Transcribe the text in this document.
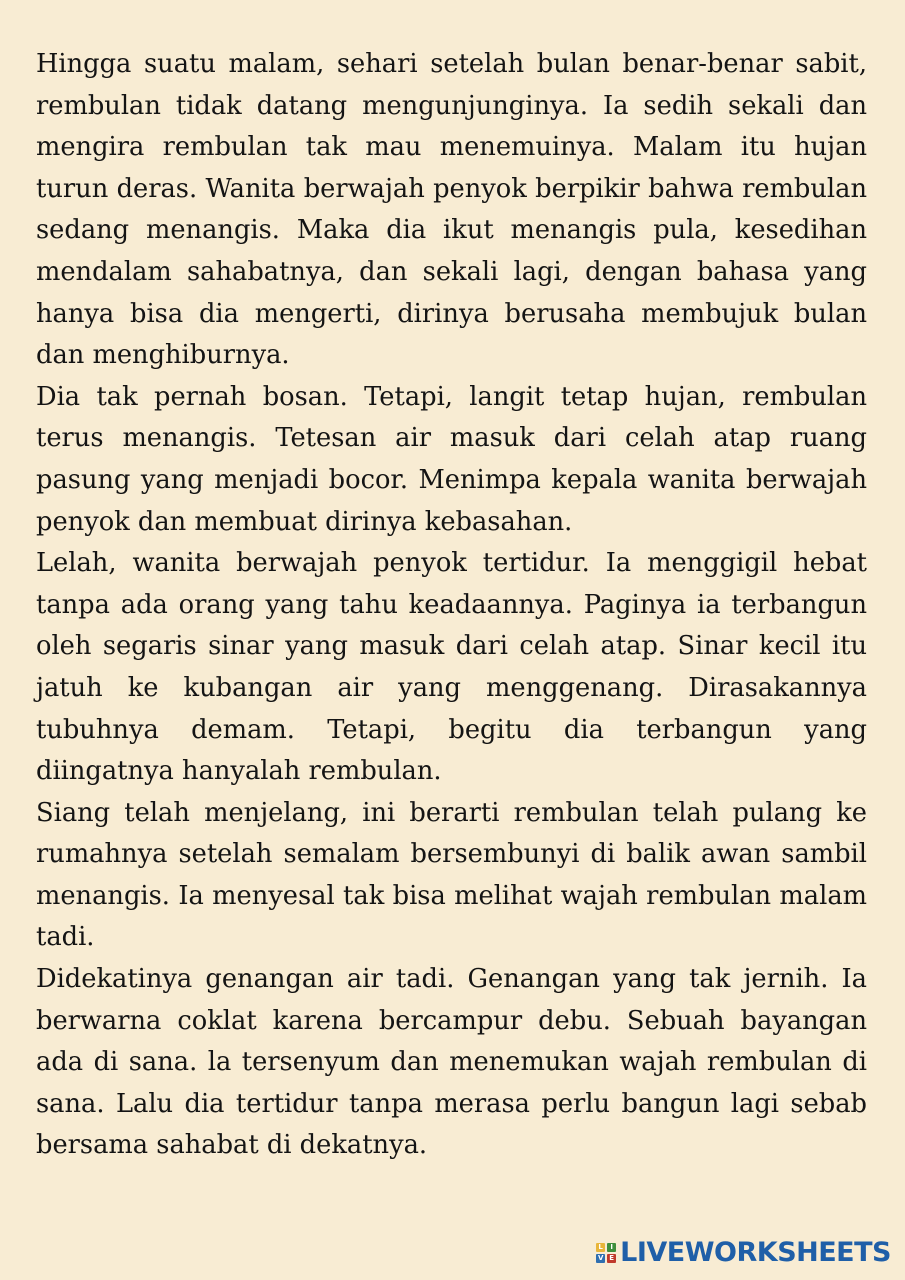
Hingga suatu malam, sehari setelah bulan benar-benar sabit, rembulan tidak datang mengunjunginya. Ia sedih sekali dan mengira rembulan tak mau menemuinya. Malam itu hujan turun deras. Wanita berwajah penyok berpikir bahwa rembulan sedang menangis. Maka dia ikut menangis pula, kesedihan mendalam sahabatnya, dan sekali lagi, dengan bahasa yang hanya bisa dia mengerti, dirinya berusaha membujuk bulan dan menghiburnya.

Dia tak pernah bosan. Tetapi, langit tetap hujan, rembulan terus menangis. Tetesan air masuk dari celah atap ruang pasung yang menjadi bocor. Menimpa kepala wanita berwajah penyok dan membuat dirinya kebasahan.

Lelah, wanita berwajah penyok tertidur. Ia menggigil hebat tanpa ada orang yang tahu keadaannya. Paginya ia terbangun oleh segaris sinar yang masuk dari celah atap. Sinar kecil itu jatuh ke kubangan air yang menggenang. Dirasakannya tubuhnya demam. Tetapi, begitu dia terbangun yang diingatnya hanyalah rembulan.

Siang telah menjelang, ini berarti rembulan telah pulang ke rumahnya setelah semalam bersembunyi di balik awan sambil menangis. Ia menyesal tak bisa melihat wajah rembulan malam tadi.

Didekatinya genangan air tadi. Genangan yang tak jernih. Ia berwarna coklat karena bercampur debu. Sebuah bayangan ada di sana. la tersenyum dan menemukan wajah rembulan di sana. Lalu dia tertidur tanpa merasa perlu bangun lagi sebab bersama sahabat di dekatnya.

L	I
V E LIVEWORKSHEETS
